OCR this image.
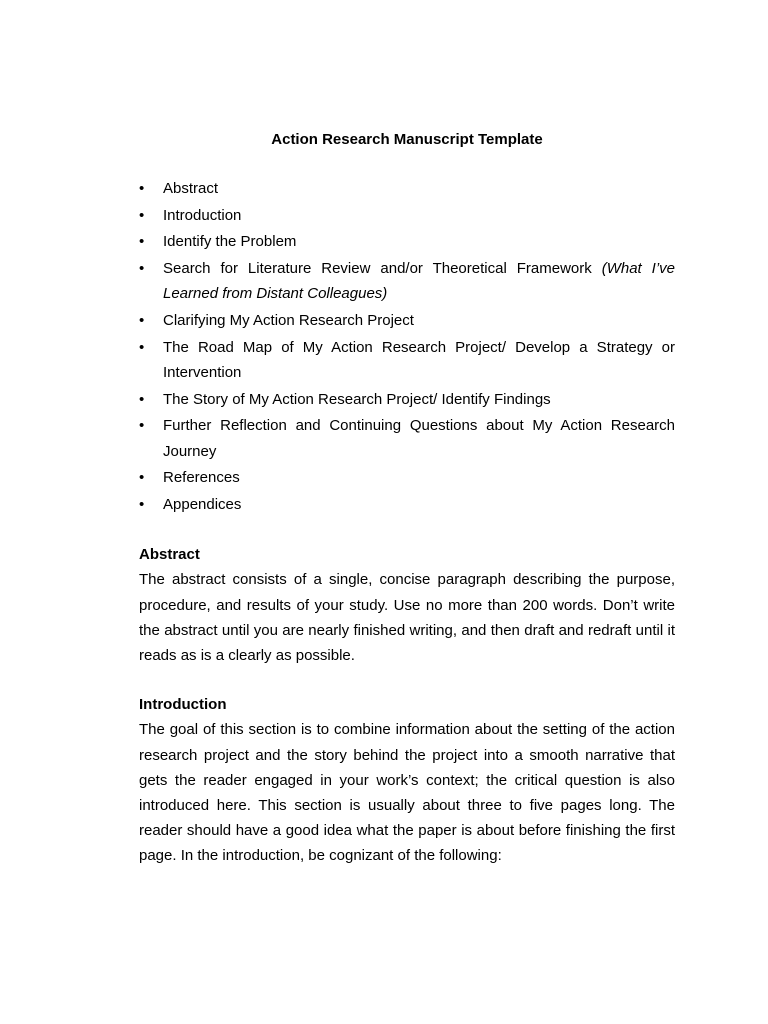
Action Research Manuscript Template
•	Abstract
•	Introduction
•	Identify the Problem
•	Search for Literature Review and/or Theoretical Framework (What I’ve Learned from Distant Colleagues)
•	Clarifying My Action Research Project
•	The Road Map of My Action Research Project/ Develop a Strategy or Intervention
•	The Story of My Action Research Project/ Identify Findings
•	Further Reflection and Continuing Questions about My Action Research Journey
•	References
•	Appendices
Abstract

The abstract consists of a single, concise paragraph describing the purpose, procedure, and results of your study. Use no more than 200 words. Don’t write the abstract until you are nearly finished writing, and then draft and redraft until it reads as is a clearly as possible.

Introduction

The goal of this section is to combine information about the setting of the action research project and the story behind the project into a smooth narrative that gets the reader engaged in your work’s context; the critical question is also introduced here. This section is usually about three to five pages long. The reader should have a good idea what the paper is about before finishing the first page. In the introduction, be cognizant of the following:
